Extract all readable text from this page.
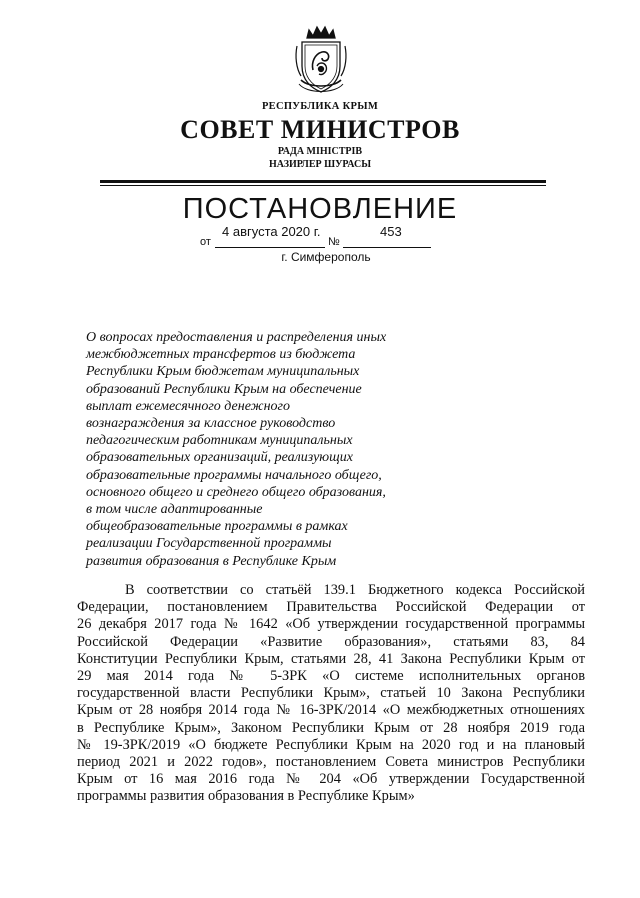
РЕСПУБЛИКА КРЫМ
СОВЕТ МИНИСТРОВ
РАДА МІНІСТРІВ
НАЗИРЛЕР ШУРАСЫ
ПОСТАНОВЛЕНИЕ
4 августа 2020 г.	453
от	№
г. Симферополь
О вопросах предоставления и распределения иных
межбюджетных трансфертов из бюджета
Республики Крым бюджетам муниципальных
образований Республики Крым на обеспечение
выплат ежемесячного денежного
вознаграждения за классное руководство
педагогическим работникам муниципальных
образовательных организаций, реализующих
образовательные программы начального общего,
основного общего и среднего общего образования,
в том числе адаптированные
общеобразовательные программы в рамках
реализации Государственной программы
развития образования в Республике Крым
В соответствии со статьёй 139.1 Бюджетного кодекса Российской
Федерации, постановлением Правительства Российской Федерации от
26 декабря 2017 года № 1642 «Об утверждении государственной программы
Российской Федерации «Развитие образования», статьями 83, 84
Конституции Республики Крым, статьями 28, 41 Закона Республики Крым от
29 мая 2014 года № 5-ЗРК «О системе исполнительных органов
государственной власти Республики Крым», статьей 10 Закона Республики
Крым от 28 ноября 2014 года № 16-ЗРК/2014 «О межбюджетных отношениях
в Республике Крым», Законом Республики Крым от 28 ноября 2019 года
№ 19-ЗРК/2019 «О бюджете Республики Крым на 2020 год и на плановый
период 2021 и 2022 годов», постановлением Совета министров Республики
Крым от 16 мая 2016 года № 204 «Об утверждении Государственной
программы развития образования в Республике Крым»
